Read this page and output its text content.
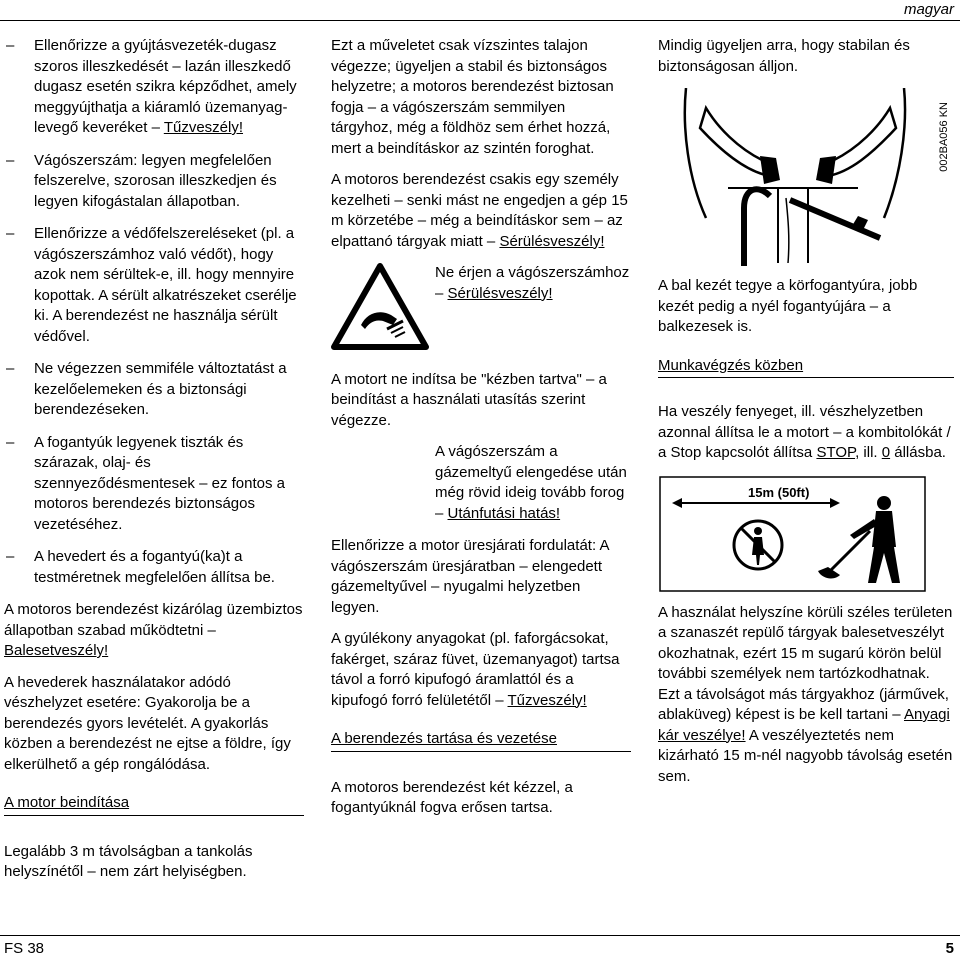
magyar
– Ellenőrizze a gyújtásvezeték-dugasz szoros illeszkedését – lazán illeszkedő dugasz esetén szikra képződhet, amely meggyújthatja a kiáramló üzemanyag-levegő keveréket – Tűzveszély!
– Vágószerszám: legyen megfelelően felszerelve, szorosan illeszkedjen és legyen kifogástalan állapotban.
– Ellenőrizze a védőfelszereléseket (pl. a vágószerszámhoz való védőt), hogy azok nem sérültek-e, ill. hogy mennyire kopottak. A sérült alkatrészeket cserélje ki. A berendezést ne használja sérült védővel.
– Ne végezzen semmiféle változtatást a kezelőelemeken és a biztonsági berendezéseken.
– A fogantyúk legyenek tiszták és szárazak, olaj- és szennyeződésmentesek – ez fontos a motoros berendezés biztonságos vezetéséhez.
– A hevedert és a fogantyú(ka)t a testméretnek megfelelően állítsa be.

A motoros berendezést kizárólag üzembiztos állapotban szabad működtetni – Balesetveszély!

A hevederek használatakor adódó vészhelyzet esetére: Gyakorolja be a berendezés gyors levételét. A gyakorlás közben a berendezést ne ejtse a földre, így elkerülhető a gép rongálódása.

A motor beindítása

Legalább 3 m távolságban a tankolás helyszínétől – nem zárt helyiségben.

Ezt a műveletet csak vízszintes talajon végezze; ügyeljen a stabil és biztonságos helyzetre; a motoros berendezést biztosan fogja – a vágószerszám semmilyen tárgyhoz, még a földhöz sem érhet hozzá, mert a beindításkor az szintén foroghat.

A motoros berendezést csakis egy személy kezelheti – senki mást ne engedjen a gép 15 m körzetébe – még a beindításkor sem – az elpattanó tárgyak miatt – Sérülésveszély!

Ne érjen a vágószerszámhoz – Sérülésveszély!

A motort ne indítsa be "kézben tartva" – a beindítást a használati utasítás szerint végezze.

A vágószerszám a gázemeltyű elengedése után még rövid ideig tovább forog – Utánfutási hatás!

Ellenőrizze a motor üresjárati fordulatát: A vágószerszám üresjáratban – elengedett gázemeltyűvel – nyugalmi helyzetben legyen.

A gyúlékony anyagokat (pl. faforgácsokat, fakérget, száraz füvet, üzemanyagot) tartsa távol a forró kipufogó áramlattól és a kipufogó forró felületétől – Tűzveszély!

A berendezés tartása és vezetése

A motoros berendezést két kézzel, a fogantyúknál fogva erősen tartsa.

Mindig ügyeljen arra, hogy stabilan és biztonságosan álljon.

002BA056 KN

A bal kezét tegye a körfogantyúra, jobb kezét pedig a nyél fogantyújára – a balkezesek is.

Munkavégzés közben

Ha veszély fenyeget, ill. vészhelyzetben azonnal állítsa le a motort – a kombitolókát / a Stop kapcsolót állítsa STOP, ill. 0 állásba.

15m (50ft)

A használat helyszíne körüli széles területen a szanaszét repülő tárgyak balesetveszélyt okozhatnak, ezért 15 m sugarú körön belül további személyek nem tartózkodhatnak. Ezt a távolságot más tárgyakhoz (járművek, ablaküveg) képest is be kell tartani – Anyagi kár veszélye! A veszélyeztetés nem kizárható 15 m-nél nagyobb távolság esetén sem.

FS 38	5
